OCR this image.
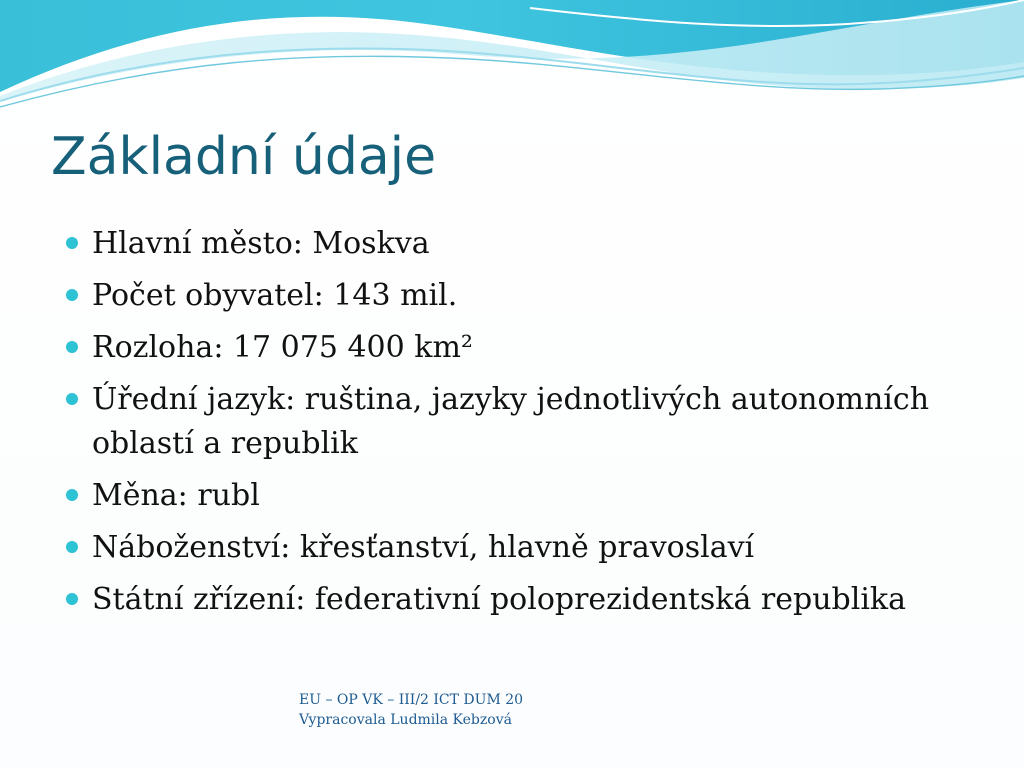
Základní údaje
Hlavní město: Moskva
Počet obyvatel: 143 mil.
Rozloha: 17 075 400 km²
Úřední jazyk: ruština, jazyky jednotlivých autonomních oblastí a republik
Měna: rubl
Náboženství: křesťanství, hlavně pravoslaví
Státní zřízení: federativní poloprezidentská republika
EU – OP VK – III/2 ICT DUM 20
Vypracovala Ludmila Kebzová
